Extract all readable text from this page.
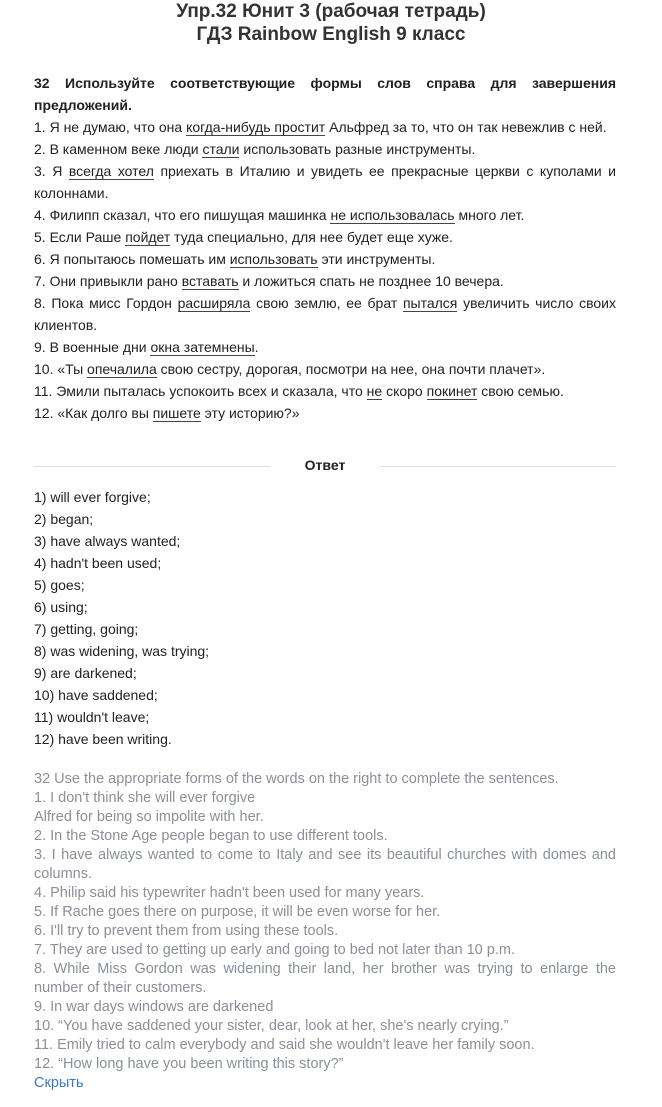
Упр.32 Юнит 3 (рабочая тетрадь)
ГДЗ Rainbow English 9 класс
32 Используйте соответствующие формы слов справа для завершения предложений.

1. Я не думаю, что она когда-нибудь простит Альфред за то, что он так невежлив с ней.

2. В каменном веке люди стали использовать разные инструменты.

3. Я всегда хотел приехать в Италию и увидеть ее прекрасные церкви с куполами и колоннами.

4. Филипп сказал, что его пишущая машинка не использовалась много лет.

5. Если Раше пойдет туда специально, для нее будет еще хуже.

6. Я попытаюсь помешать им использовать эти инструменты.

7. Они привыкли рано вставать и ложиться спать не позднее 10 вечера.

8. Пока мисс Гордон расширяла свою землю, ее брат пытался увеличить число своих клиентов.

9. В военные дни окна затемнены.

10. «Ты опечалила свою сестру, дорогая, посмотри на нее, она почти плачет».

11. Эмили пыталась успокоить всех и сказала, что не скоро покинет свою семью.

12. «Как долго вы пишете эту историю?»

Ответ
1) will ever forgive;
2) began;
3) have always wanted;
4) hadn't been used;
5) goes;
6) using;
7) getting, going;
8) was widening, was trying;
9) are darkened;
10) have saddened;
11) wouldn't leave;
12) have been writing.

32 Use the appropriate forms of the words on the right to complete the sentences.

1. I don't think she will ever forgive

Alfred for being so impolite with her.

2. In the Stone Age people began to use different tools.

3. I have always wanted to come to Italy and see its beautiful churches with domes and columns.

4. Philip said his typewriter hadn't been used for many years.

5. If Rache goes there on purpose, it will be even worse for her.

6. I'll try to prevent them from using these tools.

7. They are used to getting up early and going to bed not later than 10 p.m.

8. While Miss Gordon was widening their land, her brother was trying to enlarge the number of their customers.

9. In war days windows are darkened

10. “You have saddened your sister, dear, look at her, she's nearly crying.”

11. Emily tried to calm everybody and said she wouldn't leave her family soon.

12. “How long have you been writing this story?”

Скрыть
